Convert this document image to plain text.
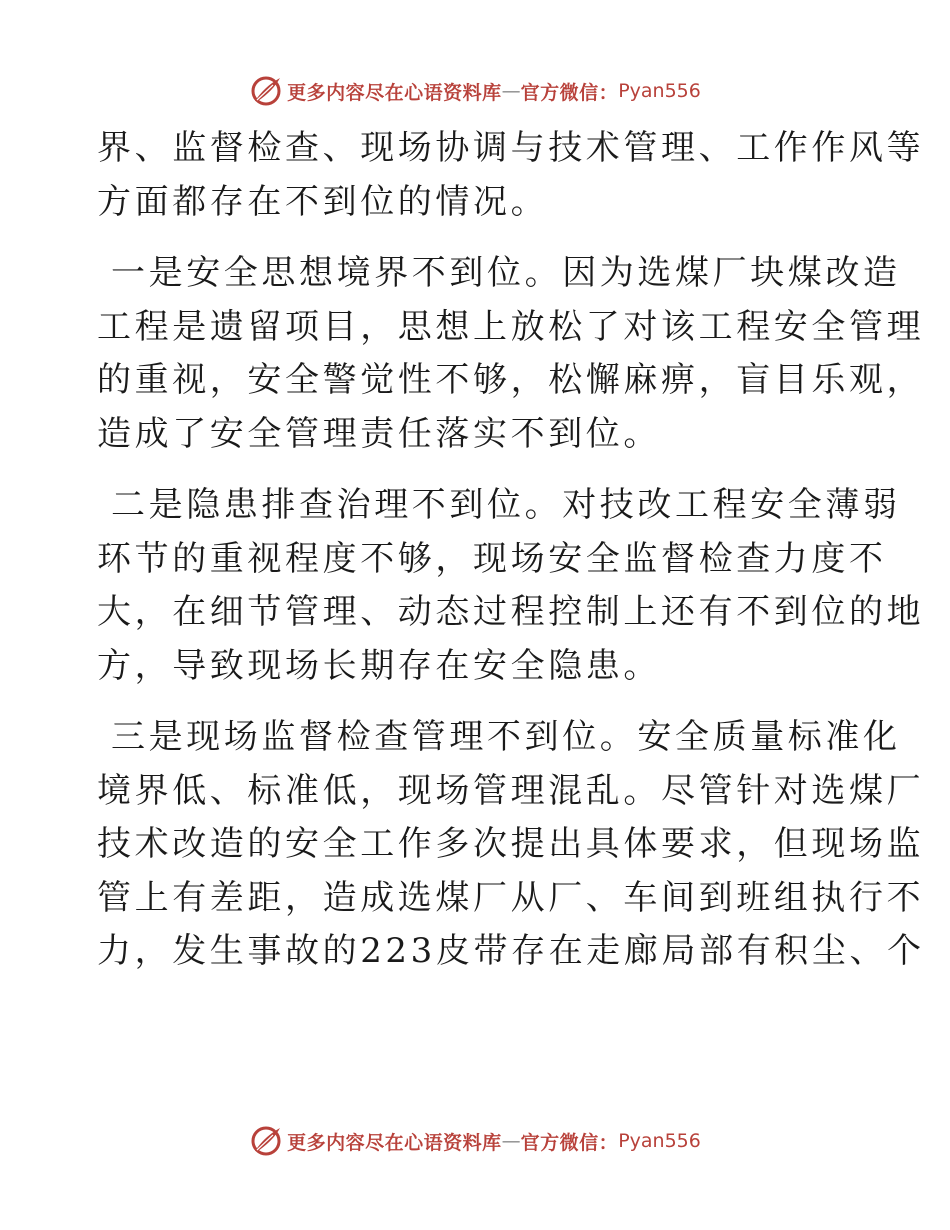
更多内容尽在心语资料库 — 官方微信： Pyan556
界、监督检查、现场协调与技术管理、工作作风等
方面都存在不到位的情况。
一是安全思想境界不到位。因为选煤厂块煤改造
工程是遗留项目，思想上放松了对该工程安全管理
的重视，安全警觉性不够，松懈麻痹，盲目乐观，
造成了安全管理责任落实不到位。
二是隐患排查治理不到位。对技改工程安全薄弱
环节的重视程度不够，现场安全监督检查力度不
大，在细节管理、动态过程控制上还有不到位的地
方，导致现场长期存在安全隐患。
三是现场监督检查管理不到位。安全质量标准化
境界低、标准低，现场管理混乱。尽管针对选煤厂
技术改造的安全工作多次提出具体要求，但现场监
管上有差距，造成选煤厂从厂、车间到班组执行不
力，发生事故的223皮带存在走廊局部有积尘、个
更多内容尽在心语资料库 — 官方微信： Pyan556
